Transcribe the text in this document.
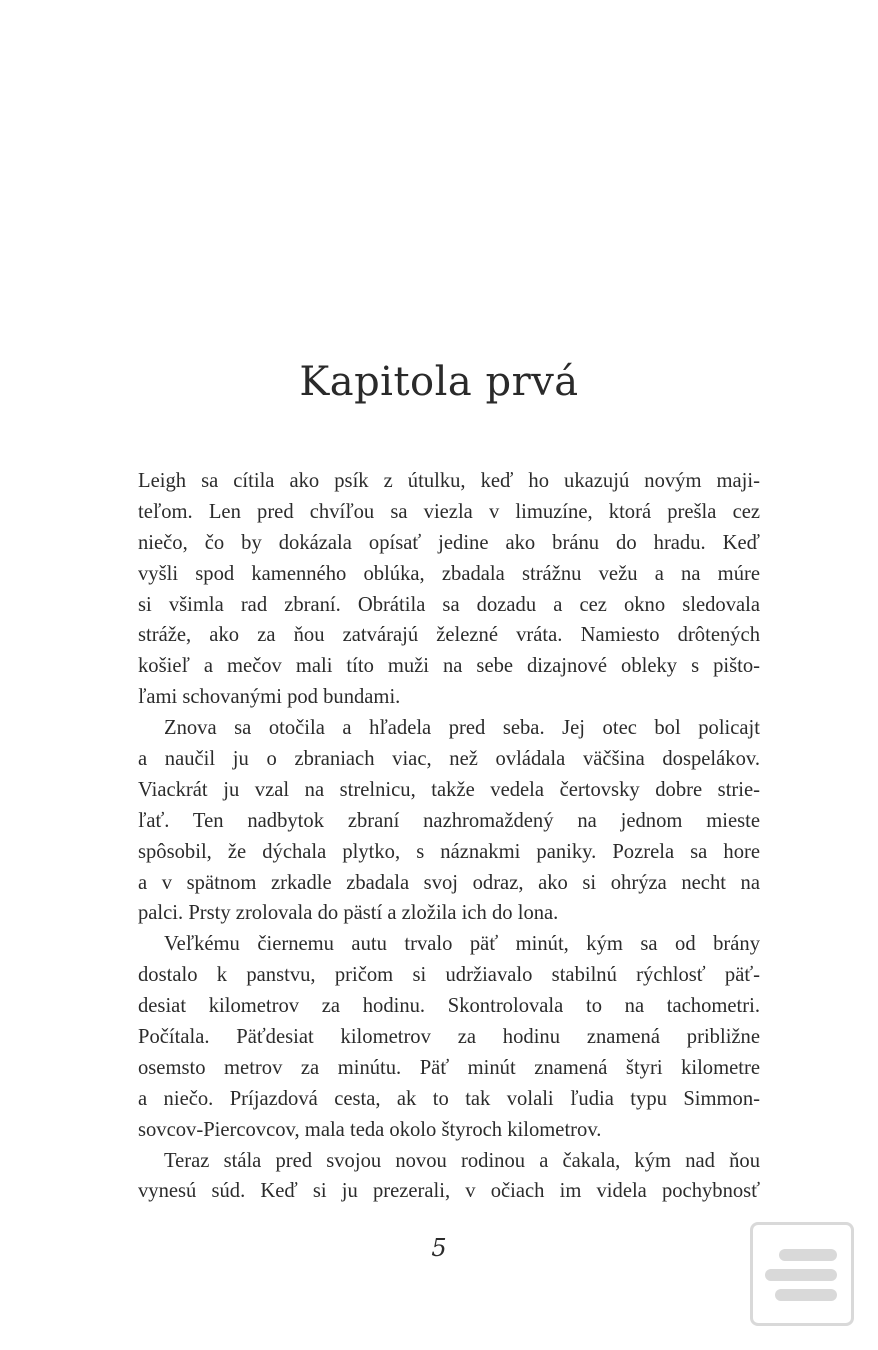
Kapitola prvá
Leigh sa cítila ako psík z útulku, keď ho ukazujú novým maji-
teľom. Len pred chvíľou sa viezla v limuzíne, ktorá prešla cez
niečo, čo by dokázala opísať jedine ako bránu do hradu. Keď
vyšli spod kamenného oblúka, zbadala strážnu vežu a na múre
si všimla rad zbraní. Obrátila sa dozadu a cez okno sledovala
stráže, ako za ňou zatvárajú železné vráta. Namiesto drôtených
košieľ a mečov mali títo muži na sebe dizajnové obleky s pišto-
ľami schovanými pod bundami.
Znova sa otočila a hľadela pred seba. Jej otec bol policajt
a naučil ju o zbraniach viac, než ovládala väčšina dospelákov.
Viackrát ju vzal na strelnicu, takže vedela čertovsky dobre strie-
ľať. Ten nadbytok zbraní nazhromaždený na jednom mieste
spôsobil, že dýchala plytko, s náznakmi paniky. Pozrela sa hore
a v spätnom zrkadle zbadala svoj odraz, ako si ohrýza necht na
palci. Prsty zrolovala do pästí a zložila ich do lona.
Veľkému čiernemu autu trvalo päť minút, kým sa od brány
dostalo k panstvu, pričom si udržiavalo stabilnú rýchlosť päť-
desiat kilometrov za hodinu. Skontrolovala to na tachometri.
Počítala. Päťdesiat kilometrov za hodinu znamená približne
osemsto metrov za minútu. Päť minút znamená štyri kilometre
a niečo. Príjazdová cesta, ak to tak volali ľudia typu Simmon-
sovcov-Piercovcov, mala teda okolo štyroch kilometrov.
Teraz stála pred svojou novou rodinou a čakala, kým nad ňou
vynesú súd. Keď si ju prezerali, v očiach im videla pochybnosť
5
